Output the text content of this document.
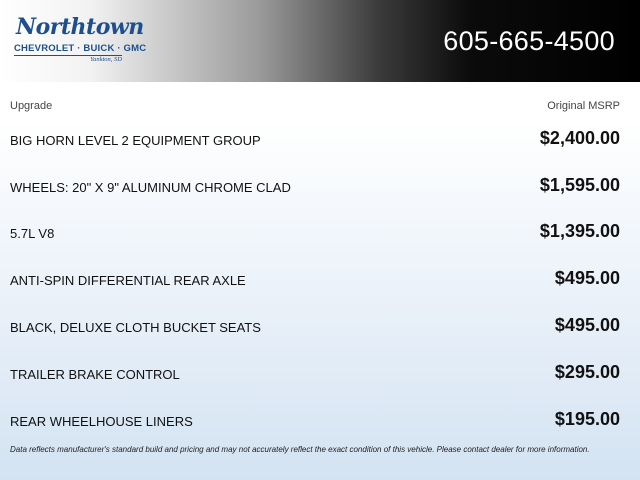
Northtown
CHEVROLET · BUICK · GMC
Yankton, SD
605-665-4500
Upgrade	Original MSRP
BIG HORN LEVEL 2 EQUIPMENT GROUP	$2,400.00
WHEELS: 20" X 9" ALUMINUM CHROME CLAD	$1,595.00
5.7L V8	$1,395.00
ANTI-SPIN DIFFERENTIAL REAR AXLE	$495.00
BLACK, DELUXE CLOTH BUCKET SEATS	$495.00
TRAILER BRAKE CONTROL	$295.00
REAR WHEELHOUSE LINERS	$195.00
Data reflects manufacturer's standard build and pricing and may not accurately reflect the exact condition of this vehicle. Please contact dealer for more information.
